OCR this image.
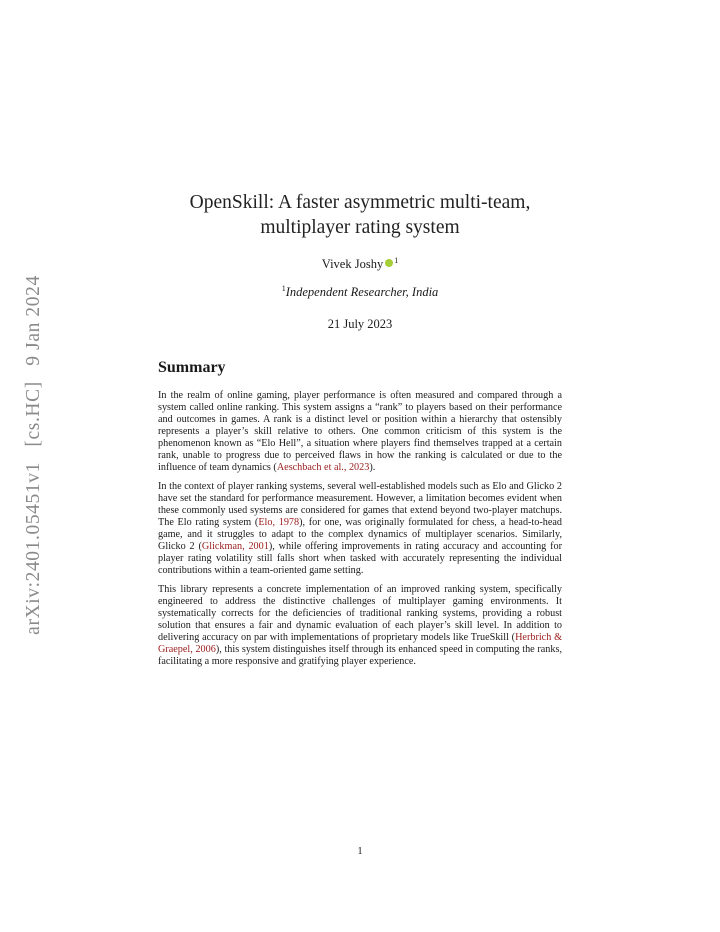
arXiv:2401.05451v1 [cs.HC] 9 Jan 2024
OpenSkill: A faster asymmetric multi-team,
multiplayer rating system
Vivek Joshy $^1$
$^1$Independent Researcher, India
21 July 2023
Summary

In the realm of online gaming, player performance is often measured and compared through a system called online ranking. This system assigns a “rank” to players based on their performance and outcomes in games. A rank is a distinct level or position within a hierarchy that ostensibly represents a player’s skill relative to others. One common criticism of this system is the phenomenon known as “Elo Hell”, a situation where players find themselves trapped at a certain rank, unable to progress due to perceived flaws in how the ranking is calculated or due to the influence of team dynamics (Aeschbach et al., 2023).

In the context of player ranking systems, several well-established models such as Elo and Glicko 2 have set the standard for performance measurement. However, a limitation becomes evident when these commonly used systems are considered for games that extend beyond two-player matchups. The Elo rating system (Elo, 1978), for one, was originally formulated for chess, a head-to-head game, and it struggles to adapt to the complex dynamics of multiplayer scenarios. Similarly, Glicko 2 (Glickman, 2001), while offering improvements in rating accuracy and accounting for player rating volatility still falls short when tasked with accurately representing the individual contributions within a team-oriented game setting.

This library represents a concrete implementation of an improved ranking system, specifically engineered to address the distinctive challenges of multiplayer gaming environments. It systematically corrects for the deficiencies of traditional ranking systems, providing a robust solution that ensures a fair and dynamic evaluation of each player’s skill level. In addition to delivering accuracy on par with implementations of proprietary models like TrueSkill (Herbrich & Graepel, 2006), this system distinguishes itself through its enhanced speed in computing the ranks, facilitating a more responsive and gratifying player experience.

1
